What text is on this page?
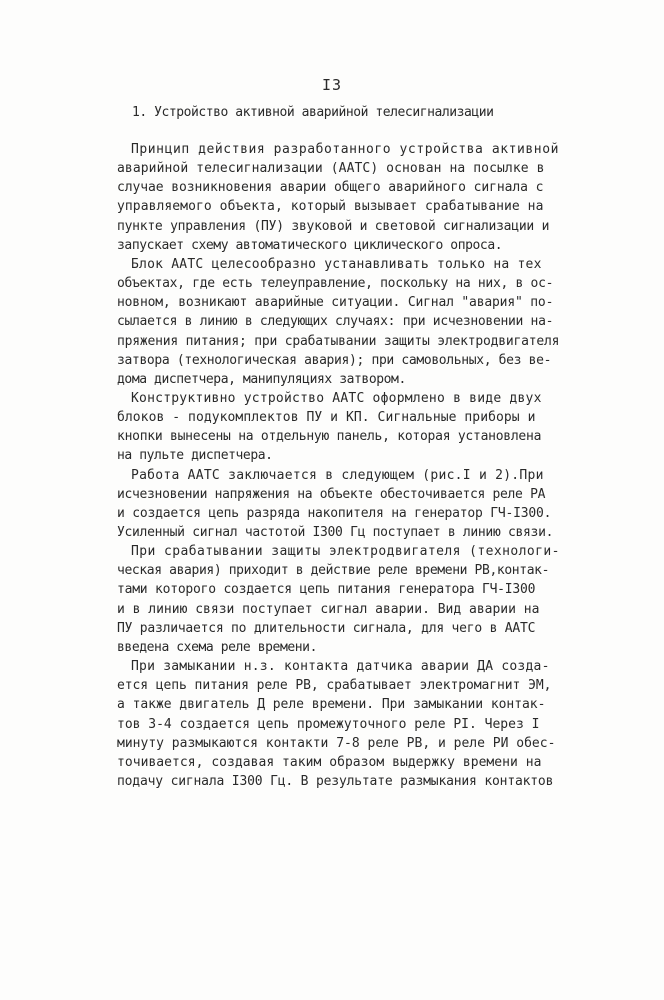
I3
1. Устройство активной аварийной телесигнализации
Принцип действия разработанного устройства активной
аварийной телесигнализации (ААТС) основан на посылке в
случае возникновения аварии общего аварийного сигнала с
управляемого объекта, который вызывает срабатывание на
пункте управления (ПУ) звуковой и световой сигнализации и
запускает схему автоматического циклического опроса.
Блок ААТС целесообразно устанавливать только на тех
объектах, где есть телеуправление, поскольку на них, в ос-
новном, возникают аварийные ситуации. Сигнал "авария" по-
сылается в линию в следующих случаях: при исчезновении на-
пряжения питания; при срабатывании защиты электродвигателя
затвора (технологическая авария); при самовольных, без ве-
дома диспетчера, манипуляциях затвором.
Конструктивно устройство ААТС оформлено в виде двух
блоков - подукомплектов ПУ и КП. Сигнальные приборы и
кнопки вынесены на отдельную панель, которая установлена
на пульте диспетчера.
Работа ААТС заключается в следующем (рис.I и 2).При
исчезновении напряжения на объекте обесточивается реле РА
и создается цепь разряда накопителя на генератор ГЧ-I300.
Усиленный сигнал частотой I300 Гц поступает в линию связи.
При срабатывании защиты электродвигателя (технологи-
ческая авария) приходит в действие реле времени РВ,контак-
тами которого создается цепь питания генератора ГЧ-I300
и в линию связи поступает сигнал аварии. Вид аварии на
ПУ различается по длительности сигнала, для чего в ААТС
введена схема реле времени.
При замыкании н.з. контакта датчика аварии ДА созда-
ется цепь питания реле РВ, срабатывает электромагнит ЭМ,
а также двигатель Д реле времени. При замыкании контак-
тов 3-4 создается цепь промежуточного реле РI. Через I
минуту размыкаются контакти 7-8 реле РВ, и реле РИ обес-
точивается, создавая таким образом выдержку времени на
подачу сигнала I300 Гц. В результате размыкания контактов
